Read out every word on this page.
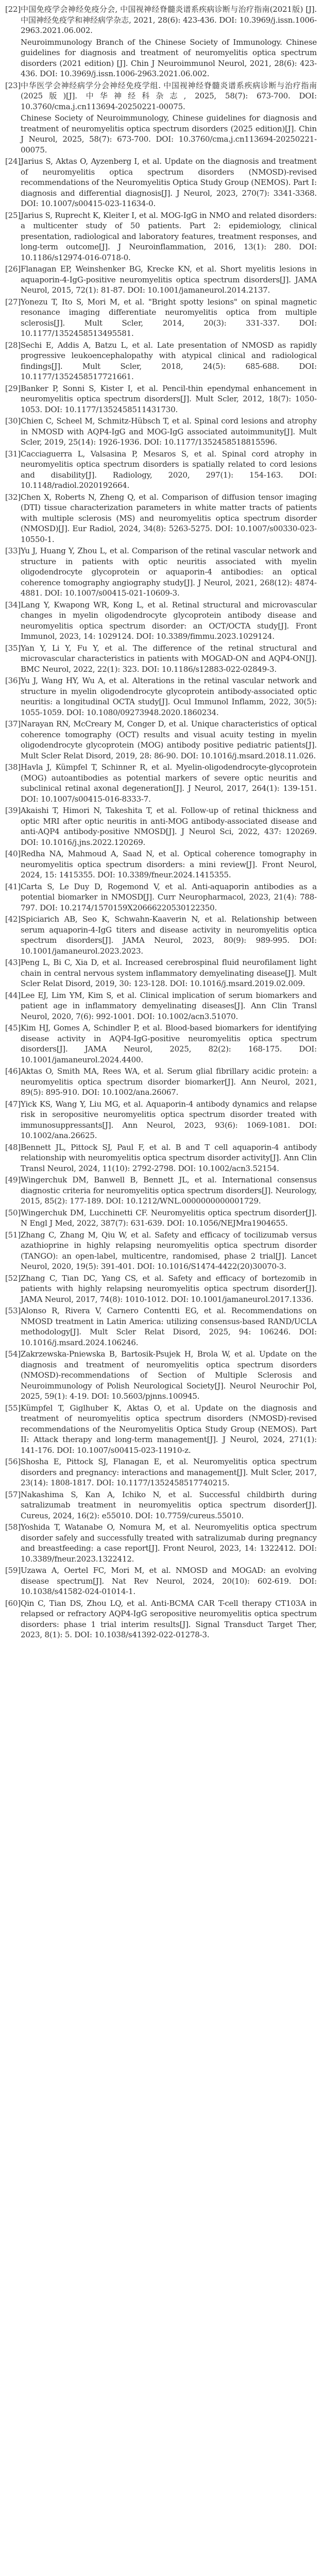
[22] 中国免疫学会神经免疫分会, 中国视神经脊髓炎谱系疾病诊断与治疗指南(2021版) [J]. 中国神经免疫学和神经病学杂志, 2021, 28(6): 423-436. DOI: 10.3969/j.issn.1006-2963.2021.06.002.
Neuroimmunology Branch of the Chinese Society of Immunology. Chinese guidelines for diagnosis and treatment of neuromyelitis optica spectrum disorders (2021 edition) [J]. Chin J Neuroimmunol Neurol, 2021, 28(6): 423-436. DOI: 10.3969/j.issn.1006-2963.2021.06.002.
[23] 中华医学会神经病学分会神经免疫学组. 中国视神经脊髓炎谱系疾病诊断与治疗指南(2025版)[J]. 中华神经科杂志, 2025, 58(7): 673-700. DOI: 10.3760/cma.j.cn113694-20250221-00075.
Chinese Society of Neuroimmunology, Chinese guidelines for diagnosis and treatment of neuromyelitis optica spectrum disorders (2025 edition)[J]. Chin J Neurol, 2025, 58(7): 673-700. DOI: 10.3760/cma.j.cn113694-20250221-00075.
[24] Jarius S, Aktas O, Ayzenberg I, et al. Update on the diagnosis and treatment of neuromyelitis optica spectrum disorders (NMOSD)-revised recommendations of the Neuromyelitis Optica Study Group (NEMOS). Part I: diagnosis and differential diagnosis[J]. J Neurol, 2023, 270(7): 3341-3368. DOI: 10.1007/s00415-023-11634-0.
[25] Jarius S, Ruprecht K, Kleiter I, et al. MOG-IgG in NMO and related disorders: a multicenter study of 50 patients. Part 2: epidemiology, clinical presentation, radiological and laboratory features, treatment responses, and long-term outcome[J]. J Neuroinflammation, 2016, 13(1): 280. DOI: 10.1186/s12974-016-0718-0.
[26] Flanagan EP, Weinshenker BG, Krecke KN, et al. Short myelitis lesions in aquaporin-4-IgG-positive neuromyelitis optica spectrum disorders[J]. JAMA Neurol, 2015, 72(1): 81-87. DOI: 10.1001/jamaneurol.2014.2137.
[27] Yonezu T, Ito S, Mori M, et al. "Bright spotty lesions" on spinal magnetic resonance imaging differentiate neuromyelitis optica from multiple sclerosis[J]. Mult Scler, 2014, 20(3): 331-337. DOI: 10.1177/1352458513495581.
[28] Sechi E, Addis A, Batzu L, et al. Late presentation of NMOSD as rapidly progressive leukoencephalopathy with atypical clinical and radiological findings[J]. Mult Scler, 2018, 24(5): 685-688. DOI: 10.1177/1352458517721661.
[29] Banker P, Sonni S, Kister I, et al. Pencil-thin ependymal enhancement in neuromyelitis optica spectrum disorders[J]. Mult Scler, 2012, 18(7): 1050-1053. DOI: 10.1177/1352458511431730.
[30] Chien C, Scheel M, Schmitz-Hübsch T, et al. Spinal cord lesions and atrophy in NMOSD with AQP4-IgG and MOG-IgG associated autoimmunity[J]. Mult Scler, 2019, 25(14): 1926-1936. DOI: 10.1177/1352458518815596.
[31] Cacciaguerra L, Valsasina P, Mesaros S, et al. Spinal cord atrophy in neuromyelitis optica spectrum disorders is spatially related to cord lesions and disability[J]. Radiology, 2020, 297(1): 154-163. DOI: 10.1148/radiol.2020192664.
[32] Chen X, Roberts N, Zheng Q, et al. Comparison of diffusion tensor imaging (DTI) tissue characterization parameters in white matter tracts of patients with multiple sclerosis (MS) and neuromyelitis optica spectrum disorder (NMOSD)[J]. Eur Radiol, 2024, 34(8): 5263-5275. DOI: 10.1007/s00330-023-10550-1.
[33] Yu J, Huang Y, Zhou L, et al. Comparison of the retinal vascular network and structure in patients with optic neuritis associated with myelin oligodendrocyte glycoprotein or aquaporin-4 antibodies: an optical coherence tomography angiography study[J]. J Neurol, 2021, 268(12): 4874-4881. DOI: 10.1007/s00415-021-10609-3.
[34] Lang Y, Kwapong WR, Kong L, et al. Retinal structural and microvascular changes in myelin oligodendrocyte glycoprotein antibody disease and neuromyelitis optica spectrum disorder: an OCT/OCTA study[J]. Front Immunol, 2023, 14: 1029124. DOI: 10.3389/fimmu.2023.1029124.
[35] Yan Y, Li Y, Fu Y, et al. The difference of the retinal structural and microvascular characteristics in patients with MOGAD-ON and AQP4-ON[J]. BMC Neurol, 2022, 22(1): 323. DOI: 10.1186/s12883-022-02849-3.
[36] Yu J, Wang HY, Wu A, et al. Alterations in the retinal vascular network and structure in myelin oligodendrocyte glycoprotein antibody-associated optic neuritis: a longitudinal OCTA study[J]. Ocul Immunol Inflamm, 2022, 30(5): 1055-1059. DOI: 10.1080/09273948.2020.1860234.
[37] Narayan RN, McCreary M, Conger D, et al. Unique characteristics of optical coherence tomography (OCT) results and visual acuity testing in myelin oligodendrocyte glycoprotein (MOG) antibody positive pediatric patients[J]. Mult Scler Relat Disord, 2019, 28: 86-90. DOI: 10.1016/j.msard.2018.11.026.
[38] Havla J, Kümpfel T, Schinner R, et al. Myelin-oligodendrocyte-glycoprotein (MOG) autoantibodies as potential markers of severe optic neuritis and subclinical retinal axonal degeneration[J]. J Neurol, 2017, 264(1): 139-151. DOI: 10.1007/s00415-016-8333-7.
[39] Akaishi T, Himori N, Takeshita T, et al. Follow-up of retinal thickness and optic MRI after optic neuritis in anti-MOG antibody-associated disease and anti-AQP4 antibody-positive NMOSD[J]. J Neurol Sci, 2022, 437: 120269. DOI: 10.1016/j.jns.2022.120269.
[40] Redha NA, Mahmoud A, Saad N, et al. Optical coherence tomography in neuromyelitis optica spectrum disorders: a mini review[J]. Front Neurol, 2024, 15: 1415355. DOI: 10.3389/fneur.2024.1415355.
[41] Carta S, Le Duy D, Rogemond V, et al. Anti-aquaporin antibodies as a potential biomarker in NMOSD[J]. Curr Neuropharmacol, 2023, 21(4): 788-797. DOI: 10.2174/1570159X20666220530122350.
[42] Spiciarich AB, Seo K, Schwahn-Kaaverin N, et al. Relationship between serum aquaporin-4-IgG titers and disease activity in neuromyelitis optica spectrum disorders[J]. JAMA Neurol, 2023, 80(9): 989-995. DOI: 10.1001/jamaneurol.2023.2023.
[43] Peng L, Bi C, Xia D, et al. Increased cerebrospinal fluid neurofilament light chain in central nervous system inflammatory demyelinating disease[J]. Mult Scler Relat Disord, 2019, 30: 123-128. DOI: 10.1016/j.msard.2019.02.009.
[44] Lee EJ, Lim YM, Kim S, et al. Clinical implication of serum biomarkers and patient age in inflammatory demyelinating diseases[J]. Ann Clin Transl Neurol, 2020, 7(6): 992-1001. DOI: 10.1002/acn3.51070.
[45] Kim HJ, Gomes A, Schindler P, et al. Blood-based biomarkers for identifying disease activity in AQP4-IgG-positive neuromyelitis optica spectrum disorders[J]. JAMA Neurol, 2025, 82(2): 168-175. DOI: 10.1001/jamaneurol.2024.4400.
[46] Aktas O, Smith MA, Rees WA, et al. Serum glial fibrillary acidic protein: a neuromyelitis optica spectrum disorder biomarker[J]. Ann Neurol, 2021, 89(5): 895-910. DOI: 10.1002/ana.26067.
[47] Yick KS, Wang Y, Liu MG, et al. Aquaporin-4 antibody dynamics and relapse risk in seropositive neuromyelitis optica spectrum disorder treated with immunosuppressants[J]. Ann Neurol, 2023, 93(6): 1069-1081. DOI: 10.1002/ana.26625.
[48] Bennett JL, Pittock SJ, Paul F, et al. B and T cell aquaporin-4 antibody relationship with neuromyelitis optica spectrum disorder activity[J]. Ann Clin Transl Neurol, 2024, 11(10): 2792-2798. DOI: 10.1002/acn3.52154.
[49] Wingerchuk DM, Banwell B, Bennett JL, et al. International consensus diagnostic criteria for neuromyelitis optica spectrum disorders[J]. Neurology, 2015, 85(2): 177-189. DOI: 10.1212/WNL.0000000000001729.
[50] Wingerchuk DM, Lucchinetti CF. Neuromyelitis optica spectrum disorder[J]. N Engl J Med, 2022, 387(7): 631-639. DOI: 10.1056/NEJMra1904655.
[51] Zhang C, Zhang M, Qiu W, et al. Safety and efficacy of tocilizumab versus azathioprine in highly relapsing neuromyelitis optica spectrum disorder (TANGO): an open-label, multicentre, randomised, phase 2 trial[J]. Lancet Neurol, 2020, 19(5): 391-401. DOI: 10.1016/S1474-4422(20)30070-3.
[52] Zhang C, Tian DC, Yang CS, et al. Safety and efficacy of bortezomib in patients with highly relapsing neuromyelitis optica spectrum disorder[J]. JAMA Neurol, 2017, 74(8): 1010-1012. DOI: 10.1001/jamaneurol.2017.1336.
[53] Alonso R, Rivera V, Carnero Contentti EG, et al. Recommendations on NMOSD treatment in Latin America: utilizing consensus-based RAND/UCLA methodology[J]. Mult Scler Relat Disord, 2025, 94: 106246. DOI: 10.1016/j.msard.2024.106246.
[54] Zakrzewska-Pniewska B, Bartosik-Psujek H, Brola W, et al. Update on the diagnosis and treatment of neuromyelitis optica spectrum disorders (NMOSD)-recommendations of Section of Multiple Sclerosis and Neuroimmunology of Polish Neurological Society[J]. Neurol Neurochir Pol, 2025, 59(1): 4-19. DOI: 10.5603/pjnns.100945.
[55] Kümpfel T, Giglhuber K, Aktas O, et al. Update on the diagnosis and treatment of neuromyelitis optica spectrum disorders (NMOSD)-revised recommendations of the Neuromyelitis Optica Study Group (NEMOS). Part II: Attack therapy and long-term management[J]. J Neurol, 2024, 271(1): 141-176. DOI: 10.1007/s00415-023-11910-z.
[56] Shosha E, Pittock SJ, Flanagan E, et al. Neuromyelitis optica spectrum disorders and pregnancy: interactions and management[J]. Mult Scler, 2017, 23(14): 1808-1817. DOI: 10.1177/1352458517740215.
[57] Nakashima S, Kan A, Ichiko N, et al. Successful childbirth during satralizumab treatment in neuromyelitis optica spectrum disorder[J]. Cureus, 2024, 16(2): e55010. DOI: 10.7759/cureus.55010.
[58] Yoshida T, Watanabe O, Nomura M, et al. Neuromyelitis optica spectrum disorder safely and successfully treated with satralizumab during pregnancy and breastfeeding: a case report[J]. Front Neurol, 2023, 14: 1322412. DOI: 10.3389/fneur.2023.1322412.
[59] Uzawa A, Oertel FC, Mori M, et al. NMOSD and MOGAD: an evolving disease spectrum[J]. Nat Rev Neurol, 2024, 20(10): 602-619. DOI: 10.1038/s41582-024-01014-1.
[60] Qin C, Tian DS, Zhou LQ, et al. Anti-BCMA CAR T-cell therapy CT103A in relapsed or refractory AQP4-IgG seropositive neuromyelitis optica spectrum disorders: phase 1 trial interim results[J]. Signal Transduct Target Ther, 2023, 8(1): 5. DOI: 10.1038/s41392-022-01278-3.
